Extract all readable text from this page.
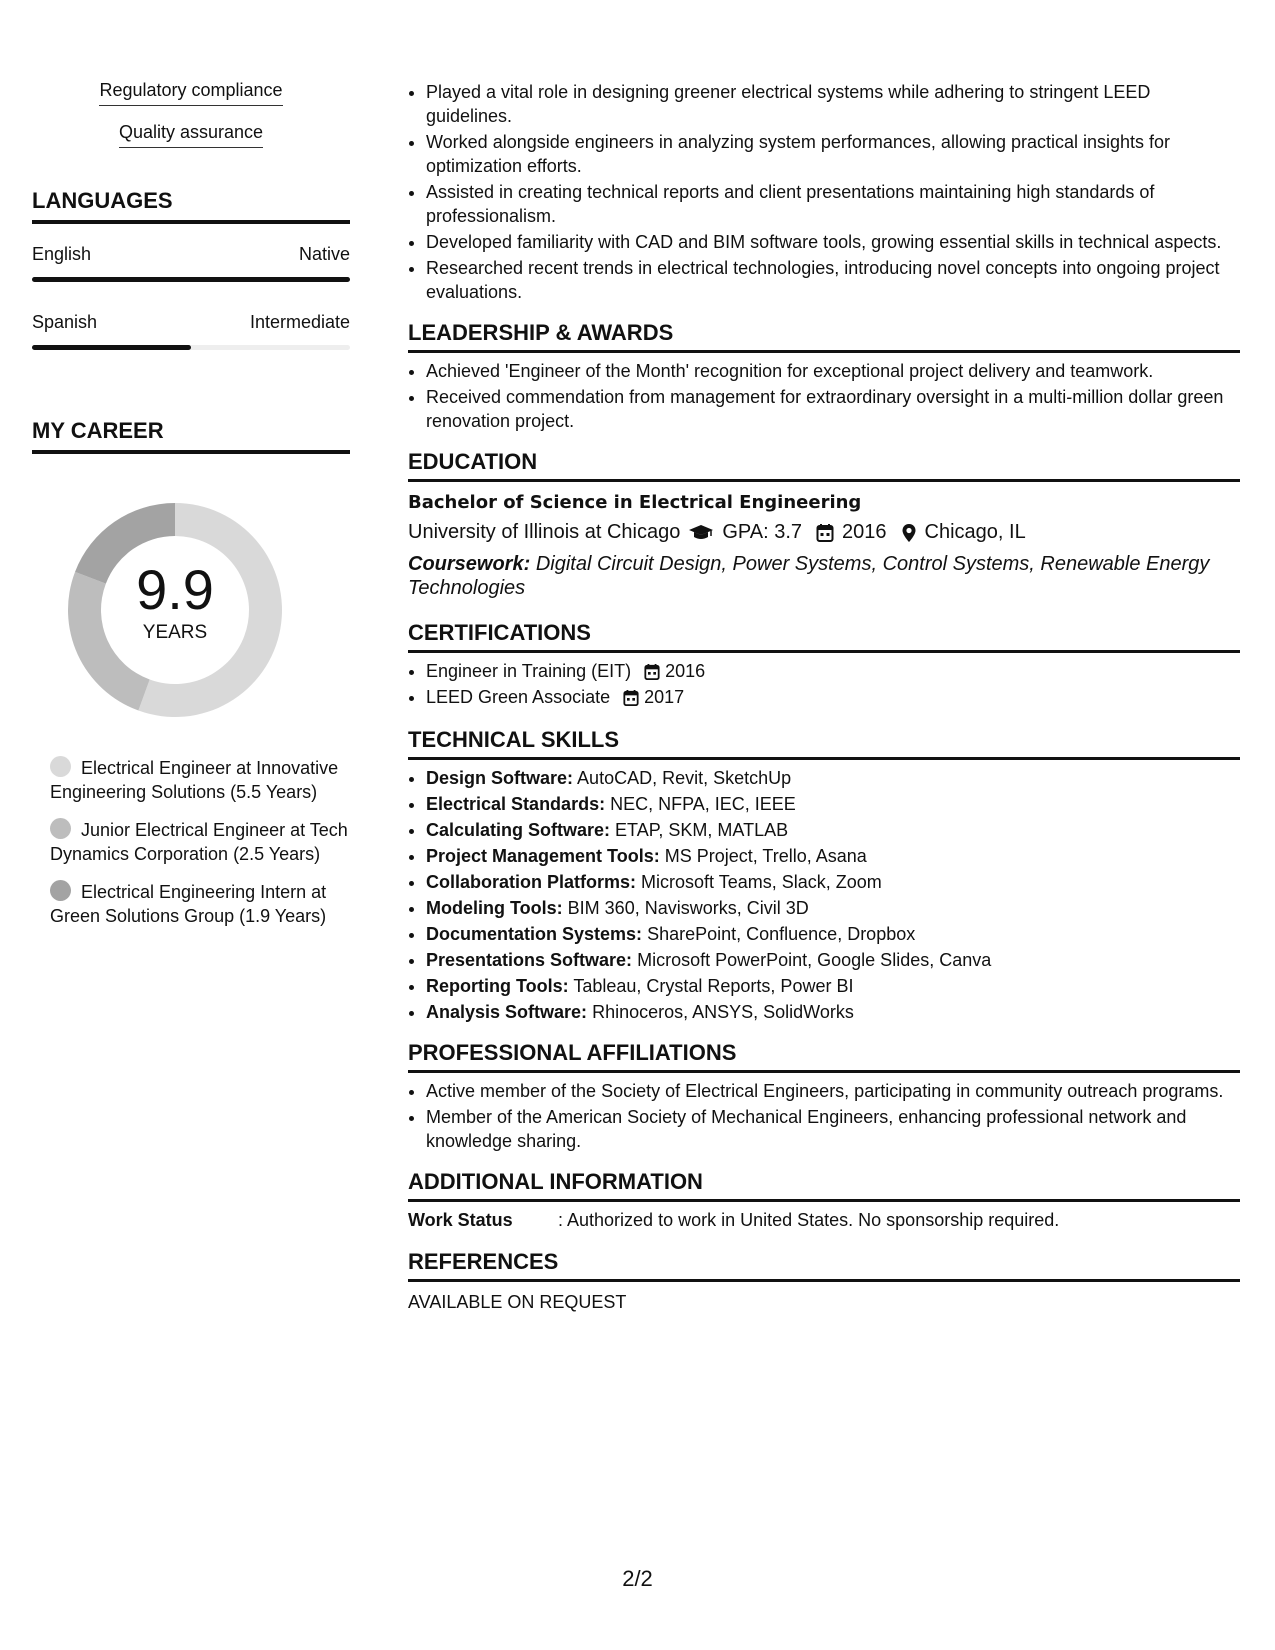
Regulatory compliance
Quality assurance
LANGUAGES
English	Native
Spanish	Intermediate
MY CAREER
9.9
YEARS
Electrical Engineer at Innovative Engineering Solutions (5.5 Years)
Junior Electrical Engineer at Tech Dynamics Corporation (2.5 Years)
Electrical Engineering Intern at Green Solutions Group (1.9 Years)
• Played a vital role in designing greener electrical systems while adhering to stringent LEED guidelines.
• Worked alongside engineers in analyzing system performances, allowing practical insights for optimization efforts.
• Assisted in creating technical reports and client presentations maintaining high standards of professionalism.
• Developed familiarity with CAD and BIM software tools, growing essential skills in technical aspects.
• Researched recent trends in electrical technologies, introducing novel concepts into ongoing project evaluations.
LEADERSHIP & AWARDS
• Achieved 'Engineer of the Month' recognition for exceptional project delivery and teamwork.
• Received commendation from management for extraordinary oversight in a multi-million dollar green renovation project.
EDUCATION
Bachelor of Science in Electrical Engineering
University of Illinois at Chicago GPA: 3.7 2016 Chicago, IL
Coursework: Digital Circuit Design, Power Systems, Control Systems, Renewable Energy Technologies
CERTIFICATIONS
• Engineer in Training (EIT) 2016
• LEED Green Associate 2017
TECHNICAL SKILLS
• Design Software: AutoCAD, Revit, SketchUp
• Electrical Standards: NEC, NFPA, IEC, IEEE
• Calculating Software: ETAP, SKM, MATLAB
• Project Management Tools: MS Project, Trello, Asana
• Collaboration Platforms: Microsoft Teams, Slack, Zoom
• Modeling Tools: BIM 360, Navisworks, Civil 3D
• Documentation Systems: SharePoint, Confluence, Dropbox
• Presentations Software: Microsoft PowerPoint, Google Slides, Canva
• Reporting Tools: Tableau, Crystal Reports, Power BI
• Analysis Software: Rhinoceros, ANSYS, SolidWorks
PROFESSIONAL AFFILIATIONS
• Active member of the Society of Electrical Engineers, participating in community outreach programs.
• Member of the American Society of Mechanical Engineers, enhancing professional network and knowledge sharing.
ADDITIONAL INFORMATION
Work Status	: Authorized to work in United States. No sponsorship required.
REFERENCES
AVAILABLE ON REQUEST
2/2
